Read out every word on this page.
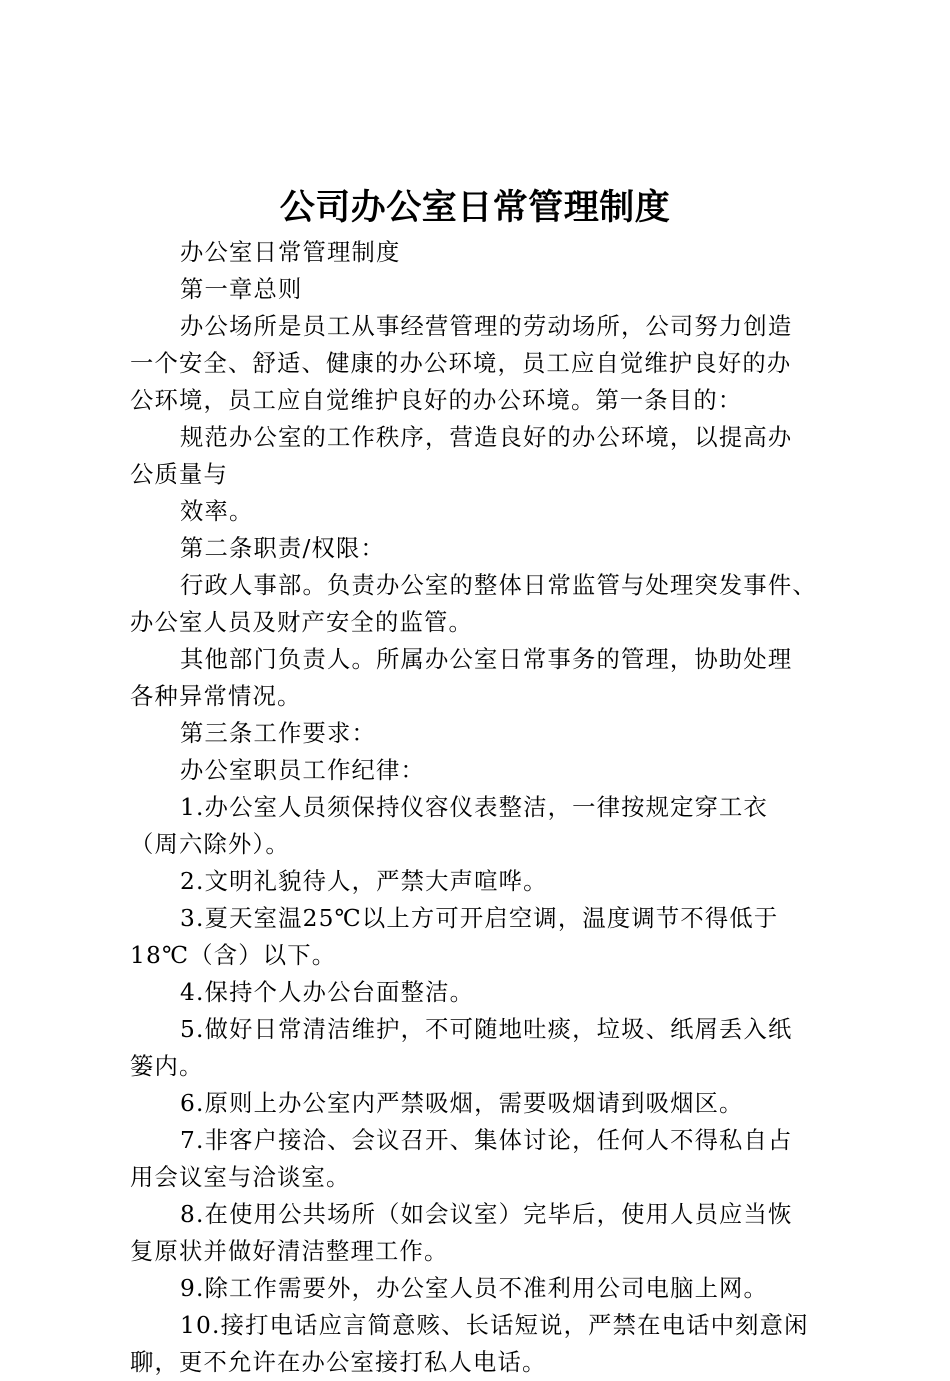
公司办公室日常管理制度

办公室日常管理制度

第一章总则

办公场所是员工从事经营管理的劳动场所，公司努力创造
一个安全、舒适、健康的办公环境，员工应自觉维护良好的办
公环境，员工应自觉维护良好的办公环境。第一条目的：

规范办公室的工作秩序，营造良好的办公环境，以提高办
公质量与

效率。

第二条职责/权限：

行政人事部。负责办公室的整体日常监管与处理突发事件、
办公室人员及财产安全的监管。

其他部门负责人。所属办公室日常事务的管理，协助处理
各种异常情况。

第三条工作要求：

办公室职员工作纪律：

1.办公室人员须保持仪容仪表整洁，一律按规定穿工衣
（周六除外）。

2.文明礼貌待人，严禁大声喧哗。

3.夏天室温25℃以上方可开启空调，温度调节不得低于
18℃（含）以下。

4.保持个人办公台面整洁。

5.做好日常清洁维护，不可随地吐痰，垃圾、纸屑丢入纸
篓内。

6.原则上办公室内严禁吸烟，需要吸烟请到吸烟区。

7.非客户接洽、会议召开、集体讨论，任何人不得私自占
用会议室与洽谈室。

8.在使用公共场所（如会议室）完毕后，使用人员应当恢
复原状并做好清洁整理工作。

9.除工作需要外，办公室人员不准利用公司电脑上网。

10.接打电话应言简意赅、长话短说，严禁在电话中刻意闲
聊，更不允许在办公室接打私人电话。
